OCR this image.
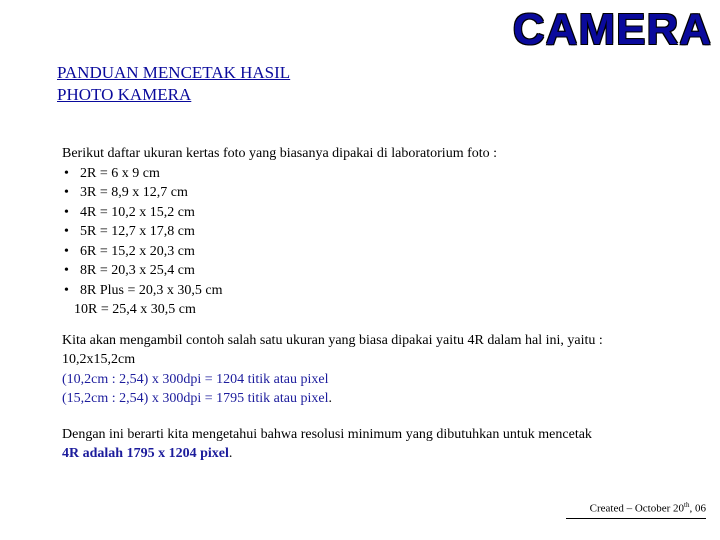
CAMERA
PANDUAN MENCETAK HASIL
PHOTO KAMERA
Berikut daftar ukuran kertas foto yang biasanya dipakai di laboratorium foto :
• 2R = 6 x 9 cm
• 3R = 8,9 x 12,7 cm
• 4R = 10,2 x 15,2 cm
• 5R = 12,7 x 17,8 cm
• 6R = 15,2 x 20,3 cm
• 8R = 20,3 x 25,4 cm
• 8R Plus = 20,3 x 30,5 cm
10R = 25,4 x 30,5 cm
Kita akan mengambil contoh salah satu ukuran yang biasa dipakai yaitu 4R dalam hal ini, yaitu :
10,2x15,2cm
(10,2cm : 2,54) x 300dpi = 1204 titik atau pixel
(15,2cm : 2,54) x 300dpi = 1795 titik atau pixel.
Dengan ini berarti kita mengetahui bahwa resolusi minimum yang dibutuhkan untuk mencetak
4R adalah 1795 x 1204 pixel.
Created – October 20th, 06
